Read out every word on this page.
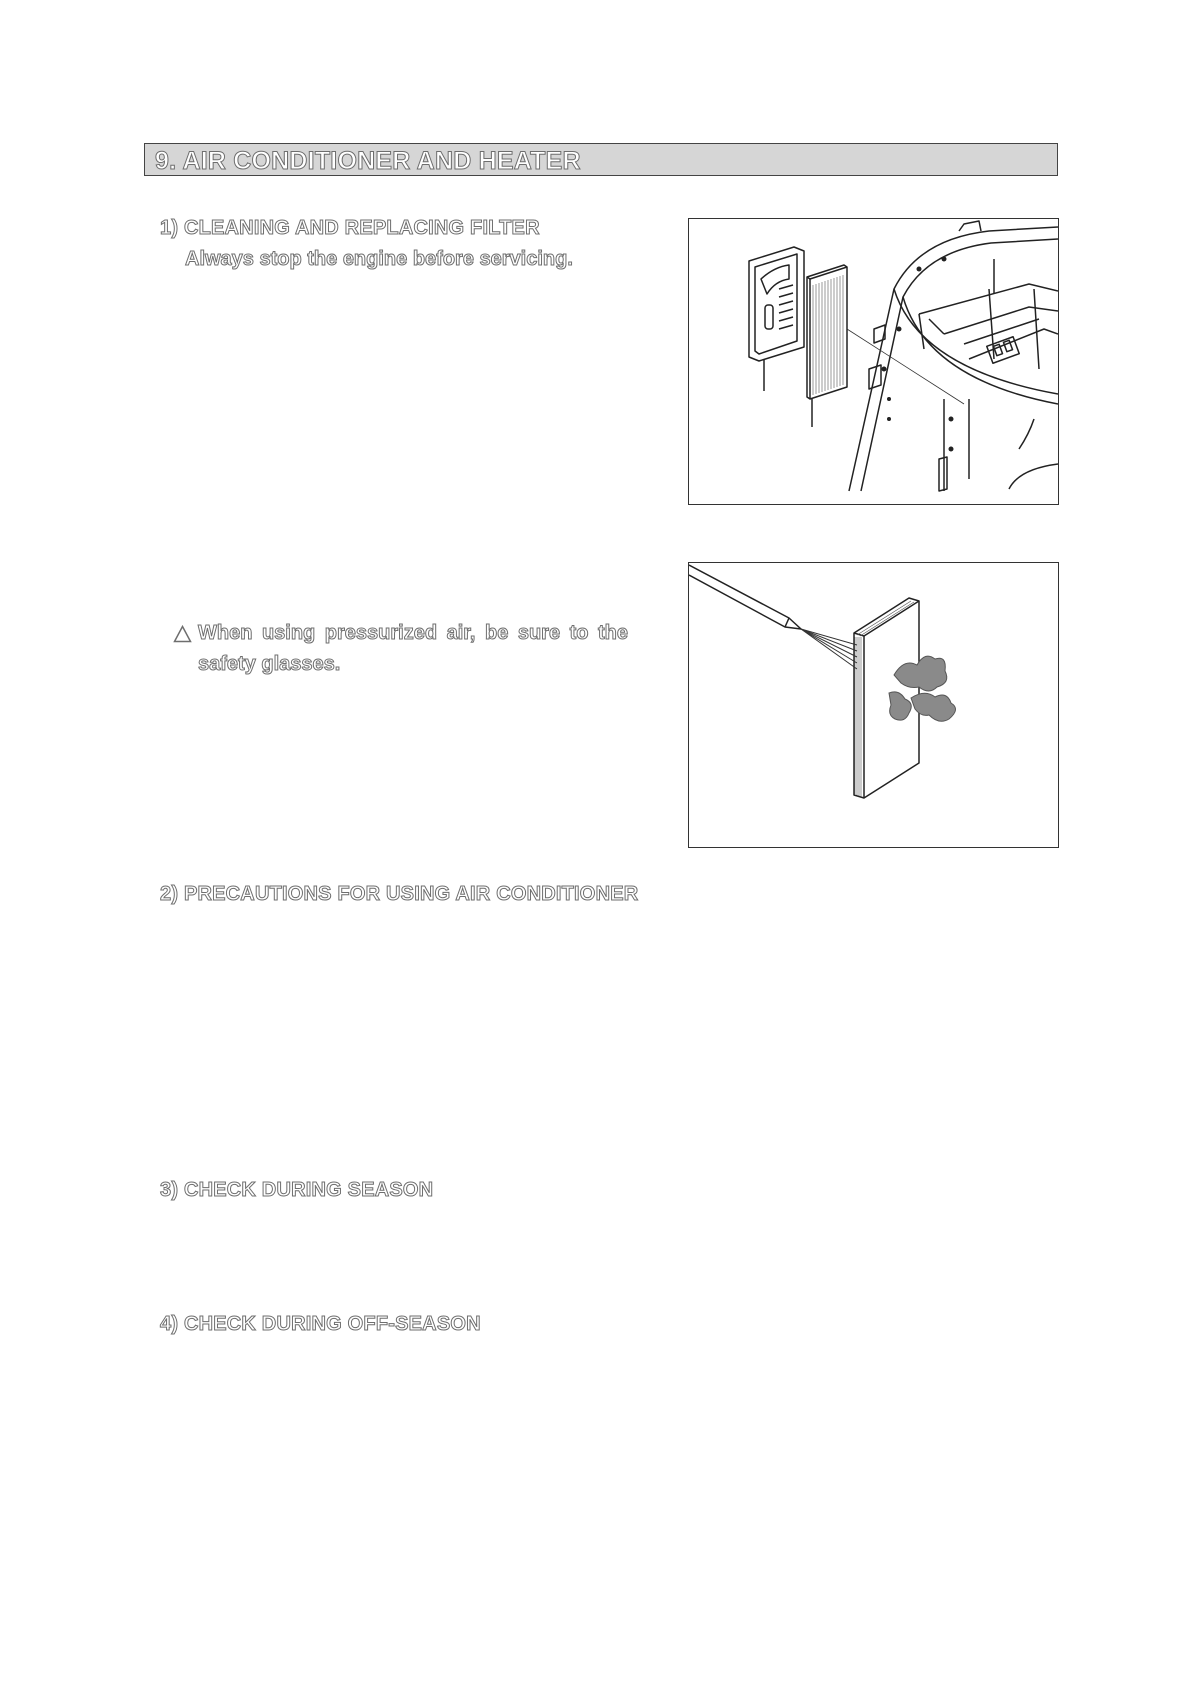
9. AIR CONDITIONER AND HEATER
1) CLEANING AND REPLACING FILTER
Always stop the engine before servicing.
When using pressurized air, be sure to the
safety glasses.
2) PRECAUTIONS FOR USING AIR CONDITIONER
3) CHECK DURING SEASON
4) CHECK DURING OFF-SEASON
